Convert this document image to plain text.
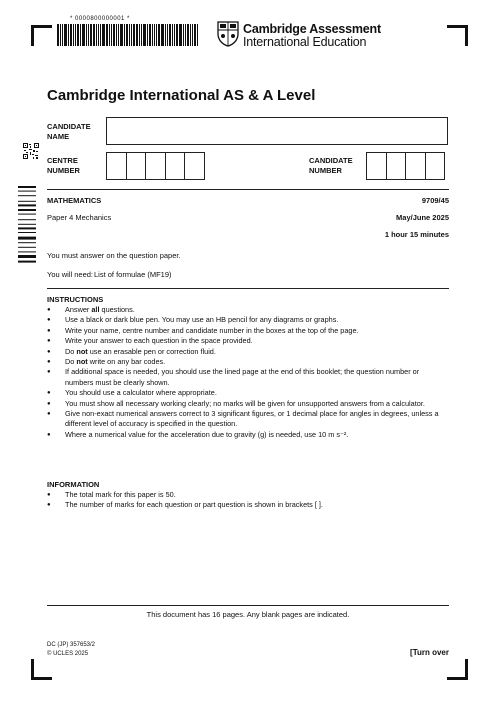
* 0000800000001 *
Cambridge Assessment
International Education
Cambridge International AS & A Level
CANDIDATE
NAME
CENTRE
NUMBER
CANDIDATE
NUMBER
MATHEMATICS	9709/45
Paper 4 Mechanics	May/June 2025
1 hour 15 minutes
You must answer on the question paper.
You will need: List of formulae (MF19)
INSTRUCTIONS
● Answer all questions.
● Use a black or dark blue pen. You may use an HB pencil for any diagrams or graphs.
● Write your name, centre number and candidate number in the boxes at the top of the page.
● Write your answer to each question in the space provided.
● Do not use an erasable pen or correction fluid.
● Do not write on any bar codes.
● If additional space is needed, you should use the lined page at the end of this booklet; the question number or numbers must be clearly shown.
● You should use a calculator where appropriate.
● You must show all necessary working clearly; no marks will be given for unsupported answers from a calculator.
● Give non-exact numerical answers correct to 3 significant figures, or 1 decimal place for angles in degrees, unless a different level of accuracy is specified in the question.
● Where a numerical value for the acceleration due to gravity (g) is needed, use 10 m s⁻².
INFORMATION
● The total mark for this paper is 50.
● The number of marks for each question or part question is shown in brackets [ ].
This document has 16 pages. Any blank pages are indicated.
DC (JP) 357653/2
© UCLES 2025	[Turn over
